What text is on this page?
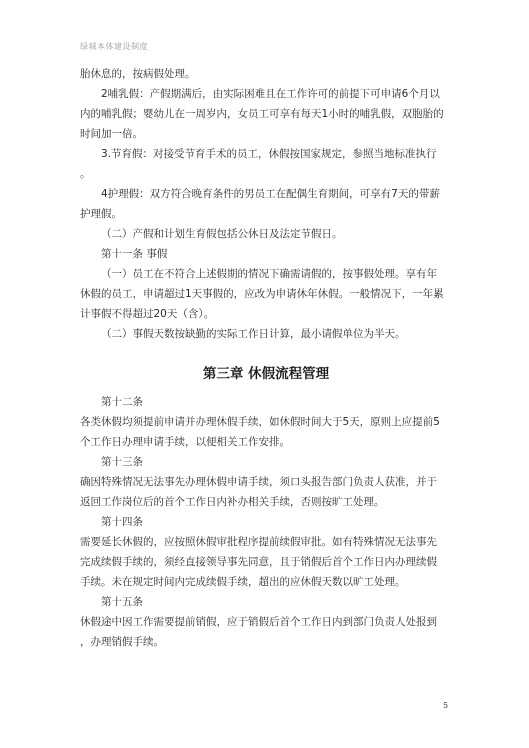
绿城本体建设制度

胎休息的，按病假处理。

2哺乳假：产假期满后，由实际困难且在工作许可的前提下可申请6个月以

内的哺乳假；婴幼儿在一周岁内，女员工可享有每天1小时的哺乳假，双胞胎的

时间加一倍。

3.节育假：对接受节育手术的员工，休假按国家规定，参照当地标准执行

。

4护理假：双方符合晚育条件的男员工在配偶生育期间，可享有7天的带薪

护理假。

（二）产假和计划生育假包括公休日及法定节假日。

第十一条 事假

（一）员工在不符合上述假期的情况下确需请假的，按事假处理。享有年

休假的员工，申请超过1天事假的，应改为申请休年休假。一般情况下，一年累

计事假不得超过20天（含）。

（二）事假天数按缺勤的实际工作日计算，最小请假单位为半天。

第三章 休假流程管理

第十二条

各类休假均须提前申请并办理休假手续，如休假时间大于5天，原则上应提前5

个工作日办理申请手续，以便相关工作安排。

第十三条

确因特殊情况无法事先办理休假申请手续，须口头报告部门负责人获准，并于

返回工作岗位后的首个工作日内补办相关手续，否则按旷工处理。

第十四条

需要延长休假的，应按照休假审批程序提前续假审批。如有特殊情况无法事先

完成续假手续的，须经直接领导事先同意，且于销假后首个工作日内办理续假

手续。未在规定时间内完成续假手续，超出的应休假天数以旷工处理。

第十五条

休假途中因工作需要提前销假，应于销假后首个工作日内到部门负责人处报到

，办理销假手续。

5
